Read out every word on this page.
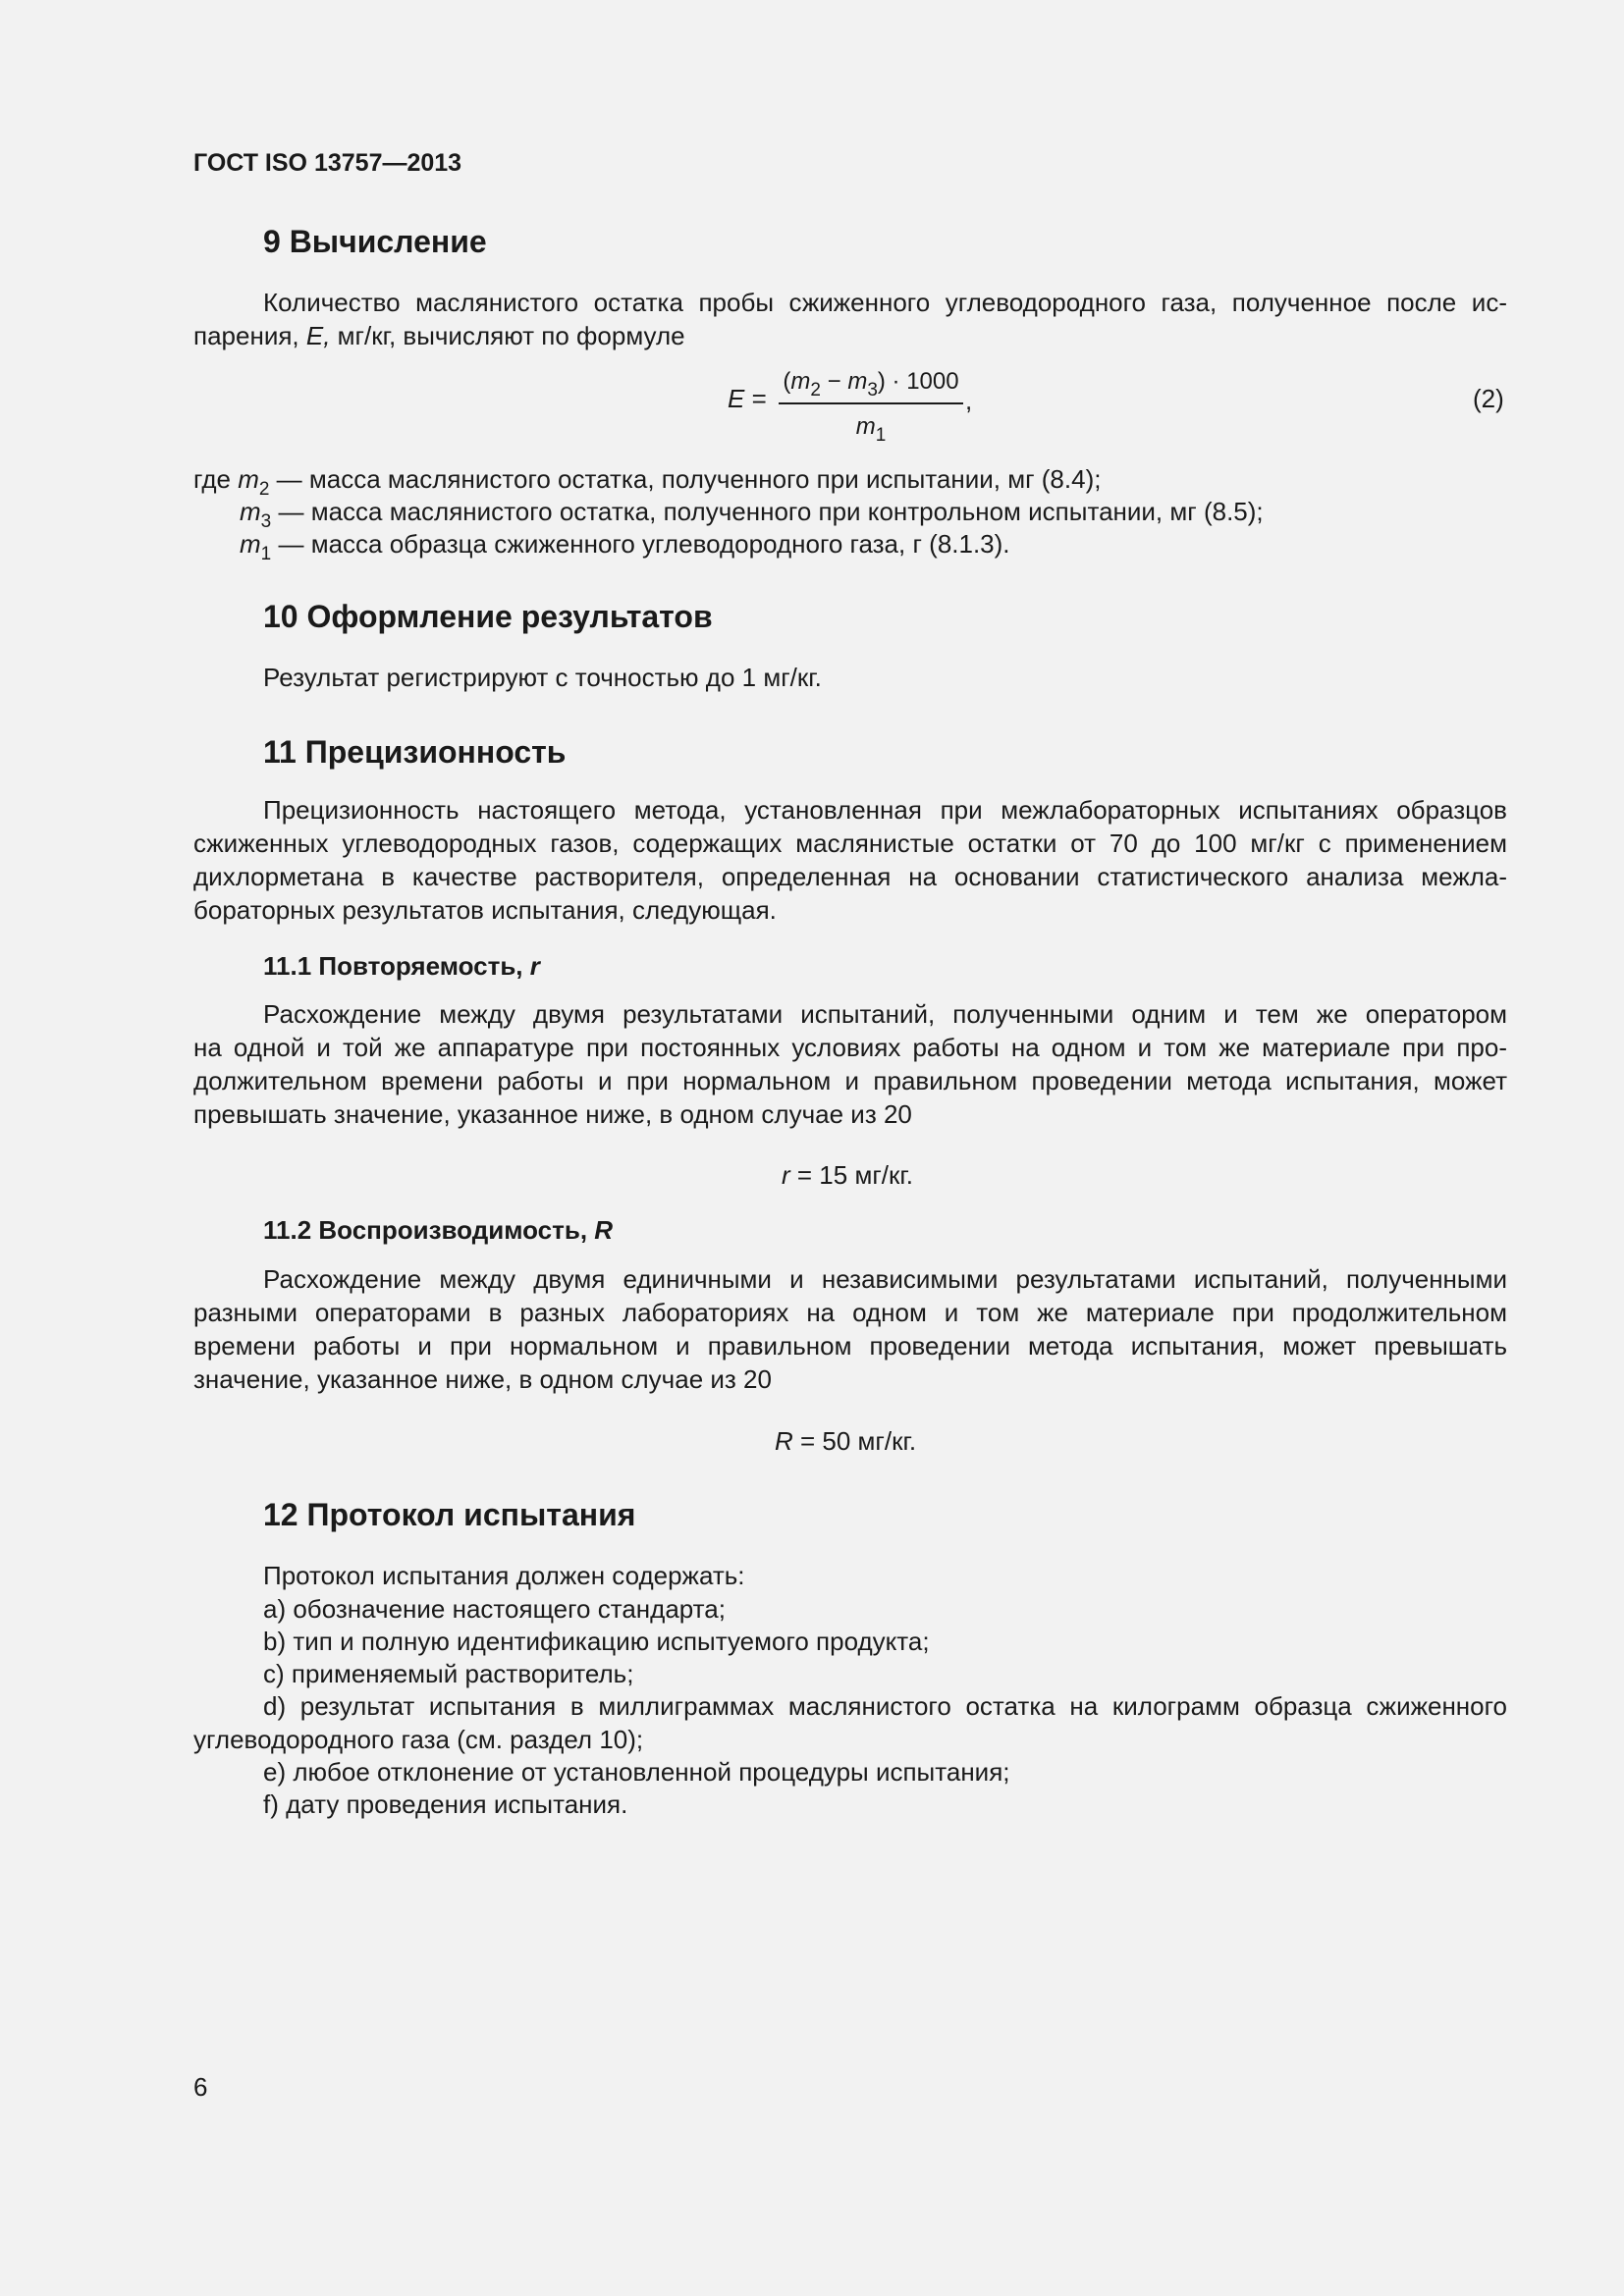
ГОСТ ISO 13757—2013
9 Вычисление
Количество маслянистого остатка пробы сжиженного углеводородного газа, полученное после ис-
парения, E, мг/кг, вычисляют по формуле
E =
$(m_2 - m_3) \cdot 1000$
$m_1$
,	(2)
где $m_2$ — масса маслянистого остатка, полученного при испытании, мг (8.4);
$m_3$ — масса маслянистого остатка, полученного при контрольном испытании, мг (8.5);
$m_1$ — масса образца сжиженного углеводородного газа, г (8.1.3).
10 Оформление результатов
Результат регистрируют с точностью до 1 мг/кг.
11 Прецизионность
Прецизионность настоящего метода, установленная при межлабораторных испытаниях образцов
сжиженных углеводородных газов, содержащих маслянистые остатки от 70 до 100 мг/кг с применением
дихлорметана в качестве растворителя, определенная на основании статистического анализа межла-
бораторных результатов испытания, следующая.
11.1 Повторяемость, r
Расхождение между двумя результатами испытаний, полученными одним и тем же оператором
на одной и той же аппаратуре при постоянных условиях работы на одном и том же материале при про-
должительном времени работы и при нормальном и правильном проведении метода испытания, может
превышать значение, указанное ниже, в одном случае из 20
r = 15 мг/кг.
11.2 Воспроизводимость, R
Расхождение между двумя единичными и независимыми результатами испытаний, полученными
разными операторами в разных лабораториях на одном и том же материале при продолжительном
времени работы и при нормальном и правильном проведении метода испытания, может превышать
значение, указанное ниже, в одном случае из 20
R = 50 мг/кг.
12 Протокол испытания
Протокол испытания должен содержать:
a) обозначение настоящего стандарта;
b) тип и полную идентификацию испытуемого продукта;
c) применяемый растворитель;
d) результат испытания в миллиграммах маслянистого остатка на килограмм образца сжиженного
углеводородного газа (см. раздел 10);
e) любое отклонение от установленной процедуры испытания;
f) дату проведения испытания.
6
